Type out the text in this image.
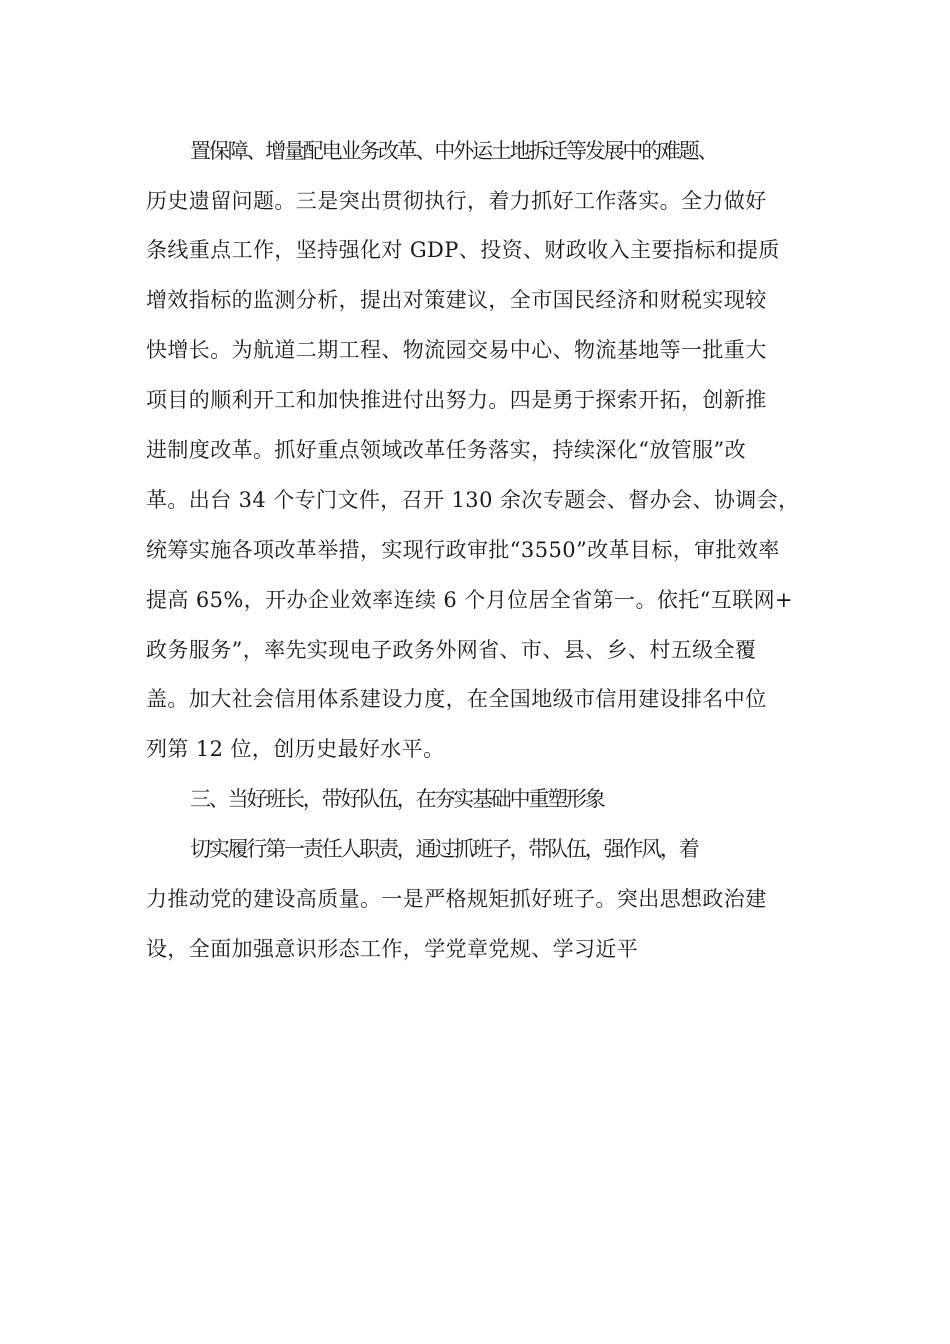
置保障、增量配电业务改革、中外运土地拆迁等发展中的难题、
历史遗留问题。三是突出贯彻执行，着力抓好工作落实。全力做好
条线重点工作，坚持强化对 GDP、投资、财政收入主要指标和提质
增效指标的监测分析，提出对策建议，全市国民经济和财税实现较
快增长。为航道二期工程、物流园交易中心、物流基地等一批重大
项目的顺利开工和加快推进付出努力。四是勇于探索开拓，创新推
进制度改革。抓好重点领域改革任务落实，持续深化“放管服”改
革。出台 34 个专门文件，召开 130 余次专题会、督办会、协调会，
统筹实施各项改革举措，实现行政审批“3550”改革目标，审批效率
提高 65%，开办企业效率连续 6 个月位居全省第一。依托“互联网+
政务服务”，率先实现电子政务外网省、市、县、乡、村五级全覆
盖。加大社会信用体系建设力度，在全国地级市信用建设排名中位
列第 12 位，创历史最好水平。
三、当好班长，带好队伍，在夯实基础中重塑形象
切实履行第一责任人职责，通过抓班子，带队伍，强作风，着
力推动党的建设高质量。一是严格规矩抓好班子。突出思想政治建
设，全面加强意识形态工作，学党章党规、学习近平
